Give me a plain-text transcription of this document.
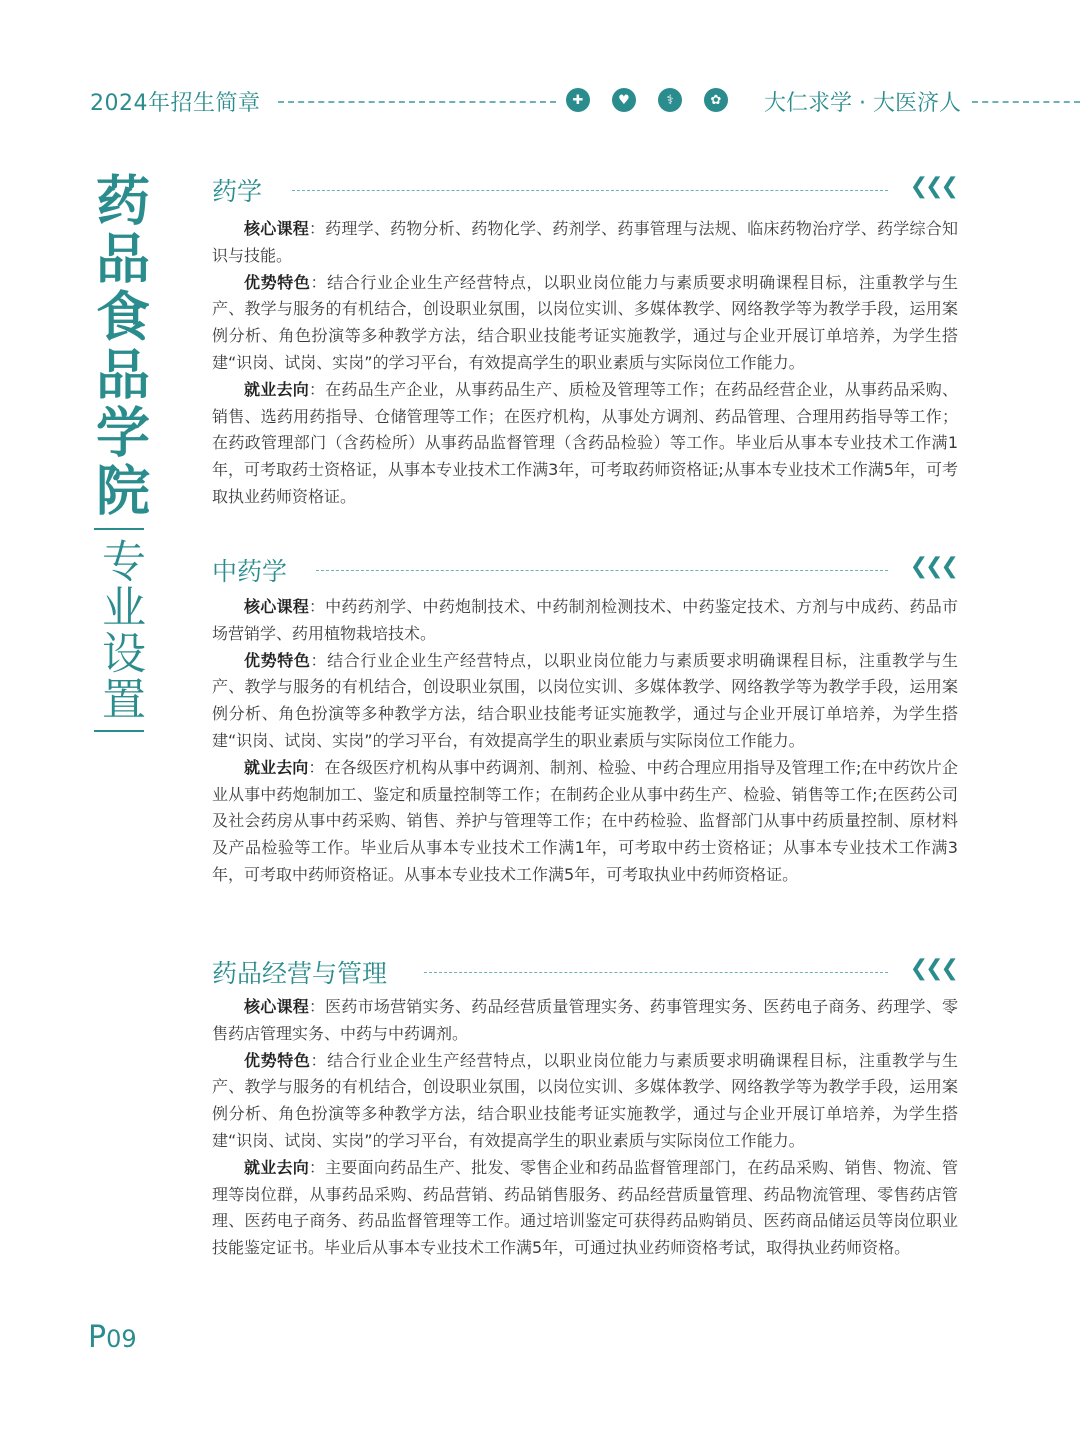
2024年招生简章	✚	♥	⚕	✿ 大仁求学 · 大医济人
药品食品学院
专业设置
药学	❮❮❮

核心课程：药理学、药物分析、药物化学、药剂学、药事管理与法规、临床药物治疗学、药学综合知识与技能。

优势特色：结合行业企业生产经营特点，以职业岗位能力与素质要求明确课程目标，注重教学与生产、教学与服务的有机结合，创设职业氛围，以岗位实训、多媒体教学、网络教学等为教学手段，运用案例分析、角色扮演等多种教学方法，结合职业技能考证实施教学，通过与企业开展订单培养，为学生搭建“识岗、试岗、实岗”的学习平台，有效提高学生的职业素质与实际岗位工作能力。

就业去向：在药品生产企业，从事药品生产、质检及管理等工作；在药品经营企业，从事药品采购、销售、选药用药指导、仓储管理等工作；在医疗机构，从事处方调剂、药品管理、合理用药指导等工作；在药政管理部门（含药检所）从事药品监督管理（含药品检验）等工作。毕业后从事本专业技术工作满1年，可考取药士资格证，从事本专业技术工作满3年，可考取药师资格证;从事本专业技术工作满5年，可考取执业药师资格证。

中药学	❮❮❮

核心课程：中药药剂学、中药炮制技术、中药制剂检测技术、中药鉴定技术、方剂与中成药、药品市场营销学、药用植物栽培技术。

优势特色：结合行业企业生产经营特点，以职业岗位能力与素质要求明确课程目标，注重教学与生产、教学与服务的有机结合，创设职业氛围，以岗位实训、多媒体教学、网络教学等为教学手段，运用案例分析、角色扮演等多种教学方法，结合职业技能考证实施教学，通过与企业开展订单培养，为学生搭建“识岗、试岗、实岗”的学习平台，有效提高学生的职业素质与实际岗位工作能力。

就业去向：在各级医疗机构从事中药调剂、制剂、检验、中药合理应用指导及管理工作;在中药饮片企业从事中药炮制加工、鉴定和质量控制等工作；在制药企业从事中药生产、检验、销售等工作;在医药公司及社会药房从事中药采购、销售、养护与管理等工作；在中药检验、监督部门从事中药质量控制、原材料及产品检验等工作。毕业后从事本专业技术工作满1年，可考取中药士资格证；从事本专业技术工作满3年，可考取中药师资格证。从事本专业技术工作满5年，可考取执业中药师资格证。

药品经营与管理	❮❮❮

核心课程：医药市场营销实务、药品经营质量管理实务、药事管理实务、医药电子商务、药理学、零售药店管理实务、中药与中药调剂。

优势特色：结合行业企业生产经营特点，以职业岗位能力与素质要求明确课程目标，注重教学与生产、教学与服务的有机结合，创设职业氛围，以岗位实训、多媒体教学、网络教学等为教学手段，运用案例分析、角色扮演等多种教学方法，结合职业技能考证实施教学，通过与企业开展订单培养，为学生搭建“识岗、试岗、实岗”的学习平台，有效提高学生的职业素质与实际岗位工作能力。

就业去向：主要面向药品生产、批发、零售企业和药品监督管理部门，在药品采购、销售、物流、管理等岗位群，从事药品采购、药品营销、药品销售服务、药品经营质量管理、药品物流管理、零售药店管理、医药电子商务、药品监督管理等工作。通过培训鉴定可获得药品购销员、医药商品储运员等岗位职业技能鉴定证书。毕业后从事本专业技术工作满5年，可通过执业药师资格考试，取得执业药师资格。

P09
